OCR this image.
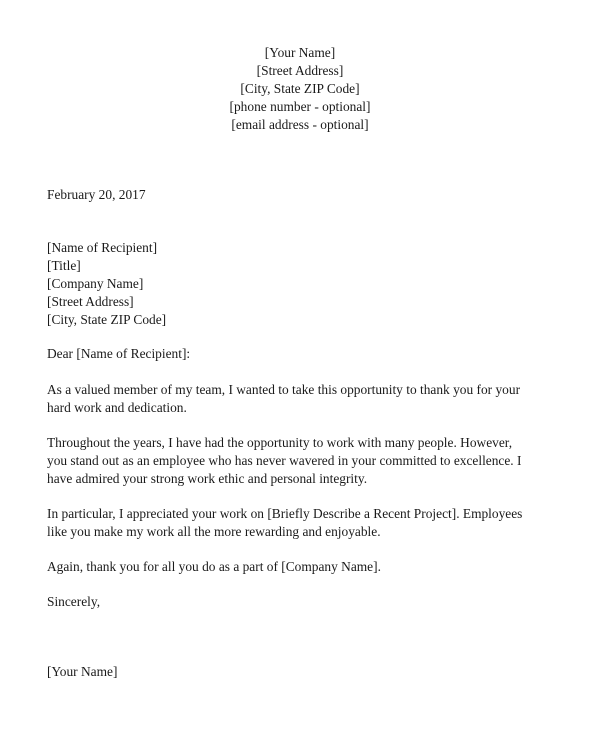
[Your Name]
[Street Address]
[City, State ZIP Code]
[phone number - optional]
[email address - optional]
February 20, 2017
[Name of Recipient]
[Title]
[Company Name]
[Street Address]
[City, State ZIP Code]
Dear [Name of Recipient]:
As a valued member of my team, I wanted to take this opportunity to thank you for your
hard work and dedication.
Throughout the years, I have had the opportunity to work with many people. However,
you stand out as an employee who has never wavered in your committed to excellence. I
have admired your strong work ethic and personal integrity.
In particular, I appreciated your work on [Briefly Describe a Recent Project]. Employees
like you make my work all the more rewarding and enjoyable.
Again, thank you for all you do as a part of [Company Name].
Sincerely,
[Your Name]
